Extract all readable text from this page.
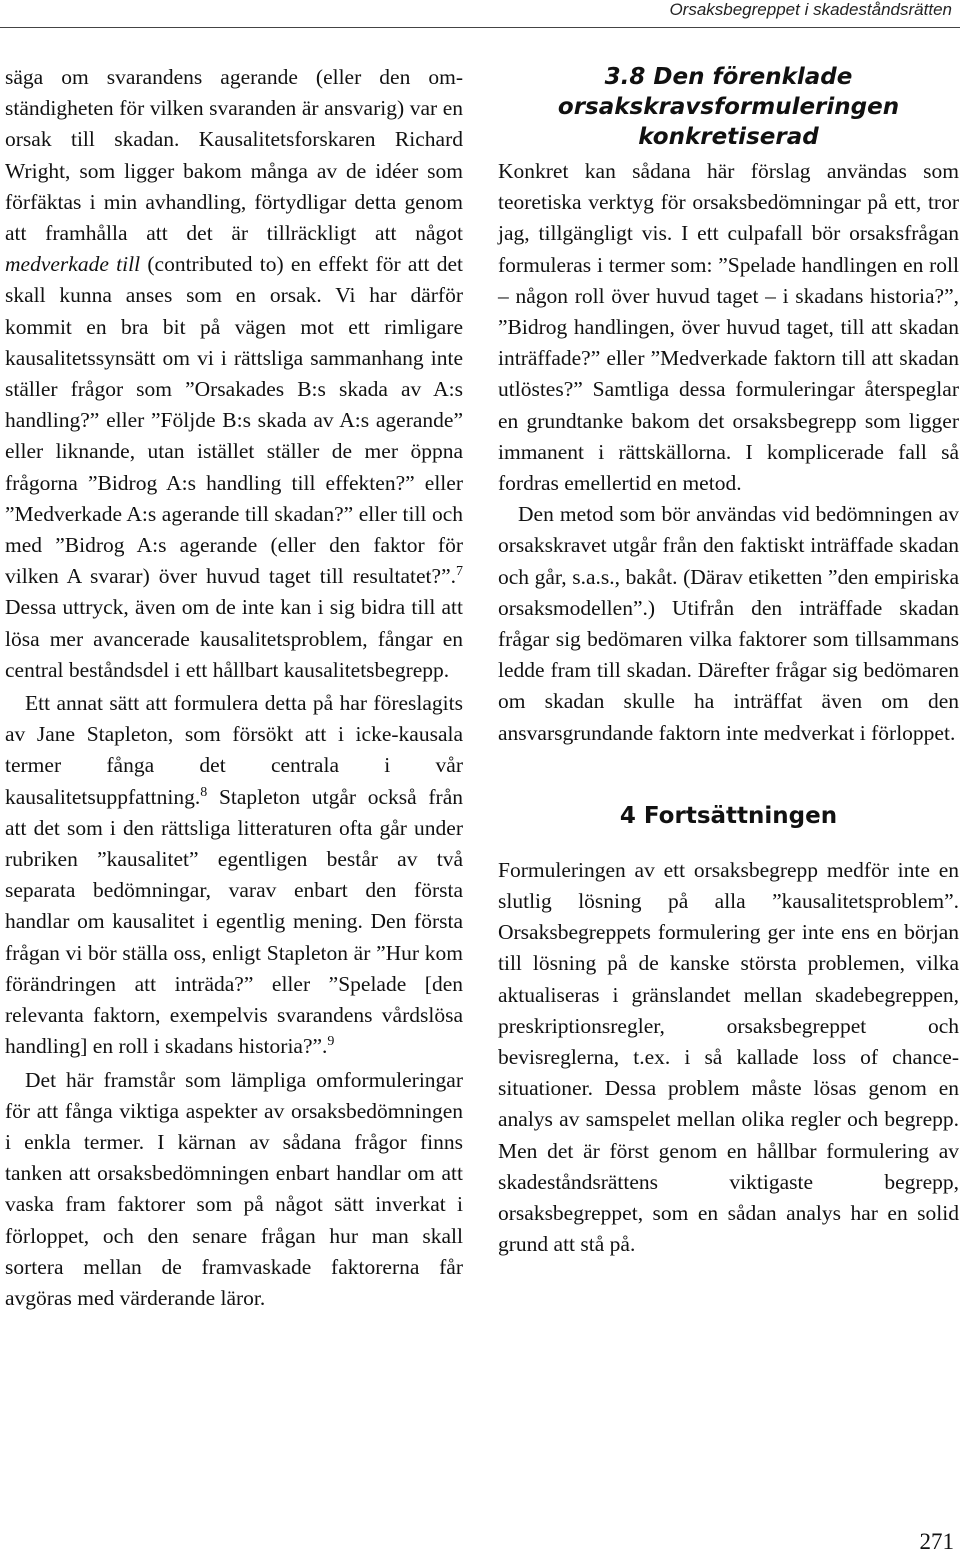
Orsaksbegreppet i skadeståndsrätten

säga om svarandens agerande (eller den om-ständigheten för vilken svaranden är ansvarig) var en orsak till skadan. Kausalitetsforskaren Richard Wright, som ligger bakom många av de idéer som förfäktas i min avhandling, förtydligar detta genom att framhålla att det är tillräckligt att något medverkade till (contributed to) en effekt för att det skall kunna anses som en orsak. Vi har därför kommit en bra bit på vägen mot ett rimligare kausalitetssynsätt om vi i rättsliga sammanhang inte ställer frågor som ”Orsakades B:s skada av A:s handling?” eller ”Följde B:s skada av A:s agerande” eller liknande, utan istället ställer de mer öppna frågorna ”Bidrog A:s handling till effekten?” eller ”Medverkade A:s agerande till skadan?” eller till och med ”Bidrog A:s agerande (eller den faktor för vilken A svarar) över huvud taget till resultatet?”.$^7$ Dessa uttryck, även om de inte kan i sig bidra till att lösa mer avancerade kausalitetsproblem, fångar en central beståndsdel i ett hållbart kausalitetsbegrepp.

Ett annat sätt att formulera detta på har föreslagits av Jane Stapleton, som försökt att i icke-kausala termer fånga det centrala i vår kausalitetsuppfattning.$^8$ Stapleton utgår också från att det som i den rättsliga litteraturen ofta går under rubriken ”kausalitet” egentligen består av två separata bedömningar, varav enbart den första handlar om kausalitet i egentlig mening. Den första frågan vi bör ställa oss, enligt Stapleton är ”Hur kom förändringen att inträda?” eller ”Spelade [den relevanta faktorn, exempelvis svarandens vårdslösa handling] en roll i skadans historia?”.$^9$

Det här framstår som lämpliga omformuleringar för att fånga viktiga aspekter av orsaksbedömningen i enkla termer. I kärnan av sådana frågor finns tanken att orsaksbedömningen enbart handlar om att vaska fram faktorer som på något sätt inverkat i förloppet, och den senare frågan hur man skall sortera mellan de framvaskade faktorerna får avgöras med värderande läror.

3.8 Den förenklade orsakskravsformuleringen konkretiserad

Konkret kan sådana här förslag användas som teoretiska verktyg för orsaksbedömningar på ett, tror jag, tillgängligt vis. I ett culpafall bör orsaksfrågan formuleras i termer som: ”Spelade handlingen en roll – någon roll över huvud taget – i skadans historia?”, ”Bidrog handlingen, över huvud taget, till att skadan inträffade?” eller ”Medverkade faktorn till att skadan utlöstes?” Samtliga dessa formuleringar återspeglar en grundtanke bakom det orsaksbegrepp som ligger immanent i rättskällorna. I komplicerade fall så fordras emellertid en metod.

Den metod som bör användas vid bedömningen av orsakskravet utgår från den faktiskt inträffade skadan och går, s.a.s., bakåt. (Därav etiketten ”den empiriska orsaksmodellen”.) Utifrån den inträffade skadan frågar sig bedömaren vilka faktorer som tillsammans ledde fram till skadan. Därefter frågar sig bedömaren om skadan skulle ha inträffat även om den ansvarsgrundande faktorn inte medverkat i förloppet.

4 Fortsättningen

Formuleringen av ett orsaksbegrepp medför inte en slutlig lösning på alla ”kausalitetsproblem”. Orsaksbegreppets formulering ger inte ens en början till lösning på de kanske största problemen, vilka aktualiseras i gränslandet mellan skadebegreppen, preskriptionsregler, orsaksbegreppet och bevisreglerna, t.ex. i så kallade loss of chance-situationer. Dessa problem måste lösas genom en analys av samspelet mellan olika regler och begrepp. Men det är först genom en hållbar formulering av skadeståndsrättens viktigaste begrepp, orsaksbegreppet, som en sådan analys har en solid grund att stå på.

271
